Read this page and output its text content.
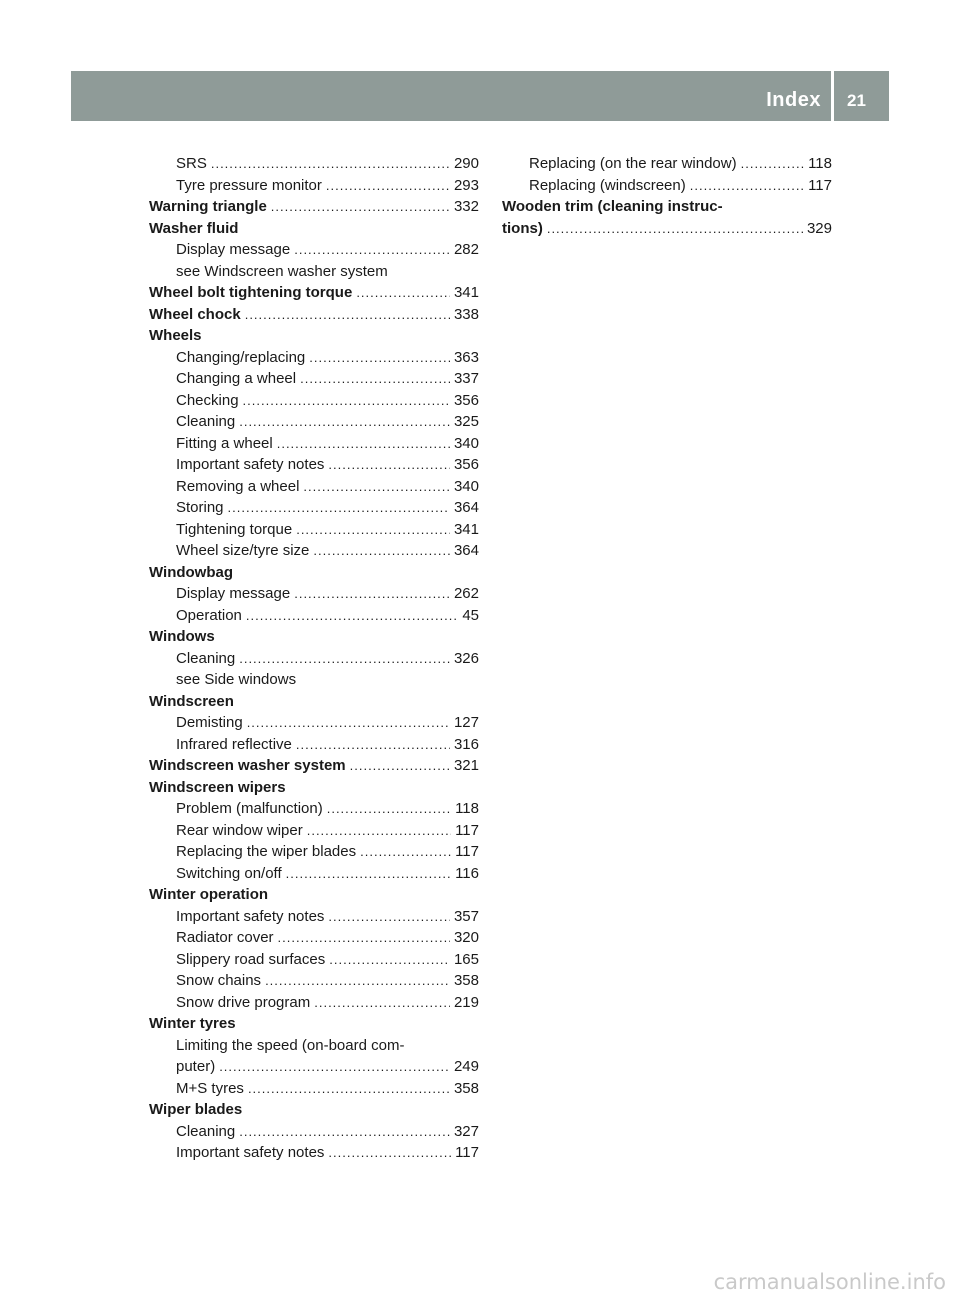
Index 21
SRS .....	290
Tyre pressure monitor .....	293
Warning triangle .....	332
Washer fluid
Display message .....	282
see Windscreen washer system
Wheel bolt tightening torque .....	341
Wheel chock .....	338
Wheels
Changing/replacing .....	363
Changing a wheel .....	337
Checking .....	356
Cleaning .....	325
Fitting a wheel .....	340
Important safety notes .....	356
Removing a wheel .....	340
Storing .....	364
Tightening torque .....	341
Wheel size/tyre size .....	364
Windowbag
Display message .....	262
Operation .....	45
Windows
Cleaning .....	326
see Side windows
Windscreen
Demisting .....	127
Infrared reflective .....	316
Windscreen washer system .....	321
Windscreen wipers
Problem (malfunction) .....	118
Rear window wiper .....	117
Replacing the wiper blades .....	117
Switching on/off .....	116
Winter operation
Important safety notes .....	357
Radiator cover .....	320
Slippery road surfaces .....	165
Snow chains .....	358
Snow drive program .....	219
Winter tyres
Limiting the speed (on-board com-
puter) .....	249
M+S tyres .....	358
Wiper blades
Cleaning .....	327
Important safety notes .....	117
Replacing (on the rear window) .....	118
Replacing (windscreen) .....	117
Wooden trim (cleaning instruc-
tions) .....	329
carmanualsonline.info
